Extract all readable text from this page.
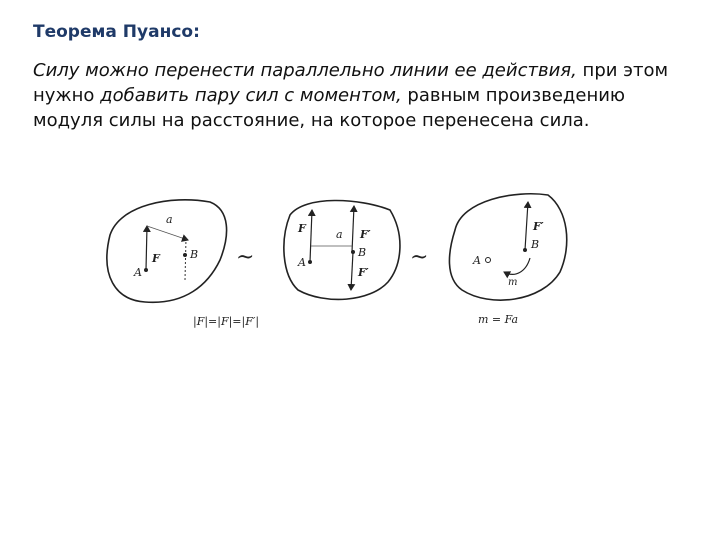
Теорема Пуансо:

Силу можно перенести параллельно линии ее действия, при этом нужно добавить пару сил с моментом, равным произведению модуля силы на расстояние, на которое перенесена сила.

a
F
A
B ~
F	a F′
A
B
F′
~
F′
B
A
m
|F|=|F|=|F′|	m = Fa
